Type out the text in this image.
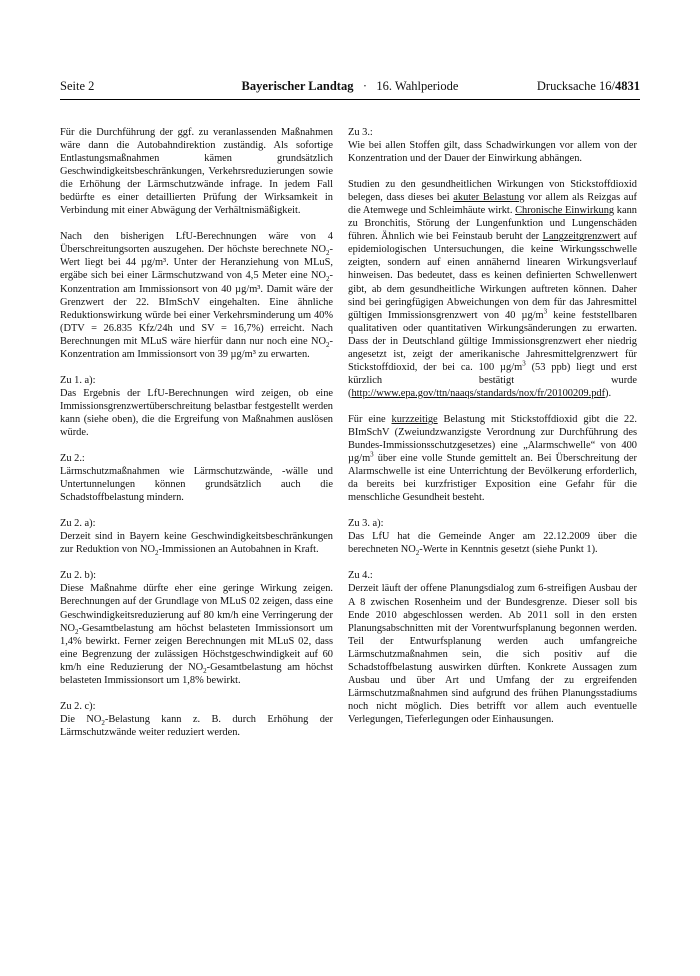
Seite 2	Bayerischer Landtag · 16. Wahlperiode	Drucksache 16/4831

Für die Durchführung der ggf. zu veranlassenden Maßnahmen wäre dann die Autobahndirektion zuständig. Als sofortige Entlastungsmaßnahmen kämen grundsätzlich Geschwindigkeitsbeschränkungen, Verkehrsreduzierungen sowie die Erhöhung der Lärmschutzwände infrage. In jedem Fall bedürfte es einer detaillierten Prüfung der Wirksamkeit in Verbindung mit einer Abwägung der Verhältnismäßigkeit.

Nach den bisherigen LfU-Berechnungen wäre von 4 Überschreitungsorten auszugehen. Der höchste berechnete $NO_2$-Wert liegt bei 44 µg/m³. Unter der Heranziehung von MLuS, ergäbe sich bei einer Lärmschutzwand von 4,5 Meter eine $NO_2$-Konzentration am Immissionsort von 40 µg/m³. Damit wäre der Grenzwert der 22. BImSchV eingehalten. Eine ähnliche Reduktionswirkung würde bei einer Verkehrsminderung um 40% (DTV = 26.835 Kfz/24h und SV = 16,7%) erreicht. Nach Berechnungen mit MLuS wäre hierfür dann nur noch eine $NO_2$-Konzentration am Immissionsort von 39 µg/m³ zu erwarten.

Zu 1. a):
Das Ergebnis der LfU-Berechnungen wird zeigen, ob eine Immissionsgrenzwertüberschreitung belastbar festgestellt werden kann (siehe oben), die die Ergreifung von Maßnahmen auslösen würde.
Zu 2.:
Lärmschutzmaßnahmen wie Lärmschutzwände, -wälle und Untertunnelungen können grundsätzlich auch die Schadstoffbelastung mindern.
Zu 2. a):
Derzeit sind in Bayern keine Geschwindigkeitsbeschränkungen zur Reduktion von $NO_2$-Immissionen an Autobahnen in Kraft.
Zu 2. b):
Diese Maßnahme dürfte eher eine geringe Wirkung zeigen. Berechnungen auf der Grundlage von MLuS 02 zeigen, dass eine Geschwindigkeitsreduzierung auf 80 km/h eine Verringerung der $NO_2$-Gesamtbelastung am höchst belasteten Immissionsort um 1,4% bewirkt. Ferner zeigen Berechnungen mit MLuS 02, dass eine Begrenzung der zulässigen Höchstgeschwindigkeit auf 60 km/h eine Reduzierung der $NO_2$-Gesamtbelastung am höchst belasteten Immissionsort um 1,8% bewirkt.
Zu 2. c):
Die $NO_2$-Belastung kann z. B. durch Erhöhung der Lärmschutzwände weiter reduziert werden.
Zu 3.:
Wie bei allen Stoffen gilt, dass Schadwirkungen vor allem von der Konzentration und der Dauer der Einwirkung abhängen.

Studien zu den gesundheitlichen Wirkungen von Stickstoffdioxid belegen, dass dieses bei akuter Belastung vor allem als Reizgas auf die Atemwege und Schleimhäute wirkt. Chronische Einwirkung kann zu Bronchitis, Störung der Lungenfunktion und Lungenschäden führen. Ähnlich wie bei Feinstaub beruht der Langzeitgrenzwert auf epidemiologischen Untersuchungen, die keine Wirkungsschwelle zeigten, sondern auf einen annähernd linearen Wirkungsverlauf hinweisen. Das bedeutet, dass es keinen definierten Schwellenwert gibt, ab dem gesundheitliche Wirkungen auftreten können. Daher sind bei geringfügigen Abweichungen von dem für das Jahresmittel gültigen Immissionsgrenzwert von 40 $\mu g/m^3$ keine feststellbaren qualitativen oder quantitativen Wirkungsänderungen zu erwarten. Dass der in Deutschland gültige Immissionsgrenzwert eher niedrig angesetzt ist, zeigt der amerikanische Jahresmittelgrenzwert für Stickstoffdioxid, der bei ca. 100 $\mu g/m^3$ (53 ppb) liegt und erst kürzlich bestätigt wurde (http://www.epa.gov/ttn/naaqs/standards/nox/fr/20100209.pdf).

Für eine kurzzeitige Belastung mit Stickstoffdioxid gibt die 22. BImSchV (Zweiundzwanzigste Verordnung zur Durchführung des Bundes-Immissionsschutzgesetzes) eine „Alarmschwelle“ von 400 $\mu g/m^3$ über eine volle Stunde gemittelt an. Bei Überschreitung der Alarmschwelle ist eine Unterrichtung der Bevölkerung erforderlich, da bereits bei kurzfristiger Exposition eine Gefahr für die menschliche Gesundheit besteht.

Zu 3. a):
Das LfU hat die Gemeinde Anger am 22.12.2009 über die berechneten $NO_2$-Werte in Kenntnis gesetzt (siehe Punkt 1).
Zu 4.:
Derzeit läuft der offene Planungsdialog zum 6-streifigen Ausbau der A 8 zwischen Rosenheim und der Bundesgrenze. Dieser soll bis Ende 2010 abgeschlossen werden. Ab 2011 soll in den ersten Planungsabschnitten mit der Vorentwurfsplanung begonnen werden. Teil der Entwurfsplanung werden auch umfangreiche Lärmschutzmaßnahmen sein, die sich positiv auf die Schadstoffbelastung auswirken dürften. Konkrete Aussagen zum Ausbau und über Art und Umfang der zu ergreifenden Lärmschutzmaßnahmen sind aufgrund des frühen Planungsstadiums noch nicht möglich. Dies betrifft vor allem auch eventuelle Verlegungen, Tieferlegungen oder Einhausungen.
